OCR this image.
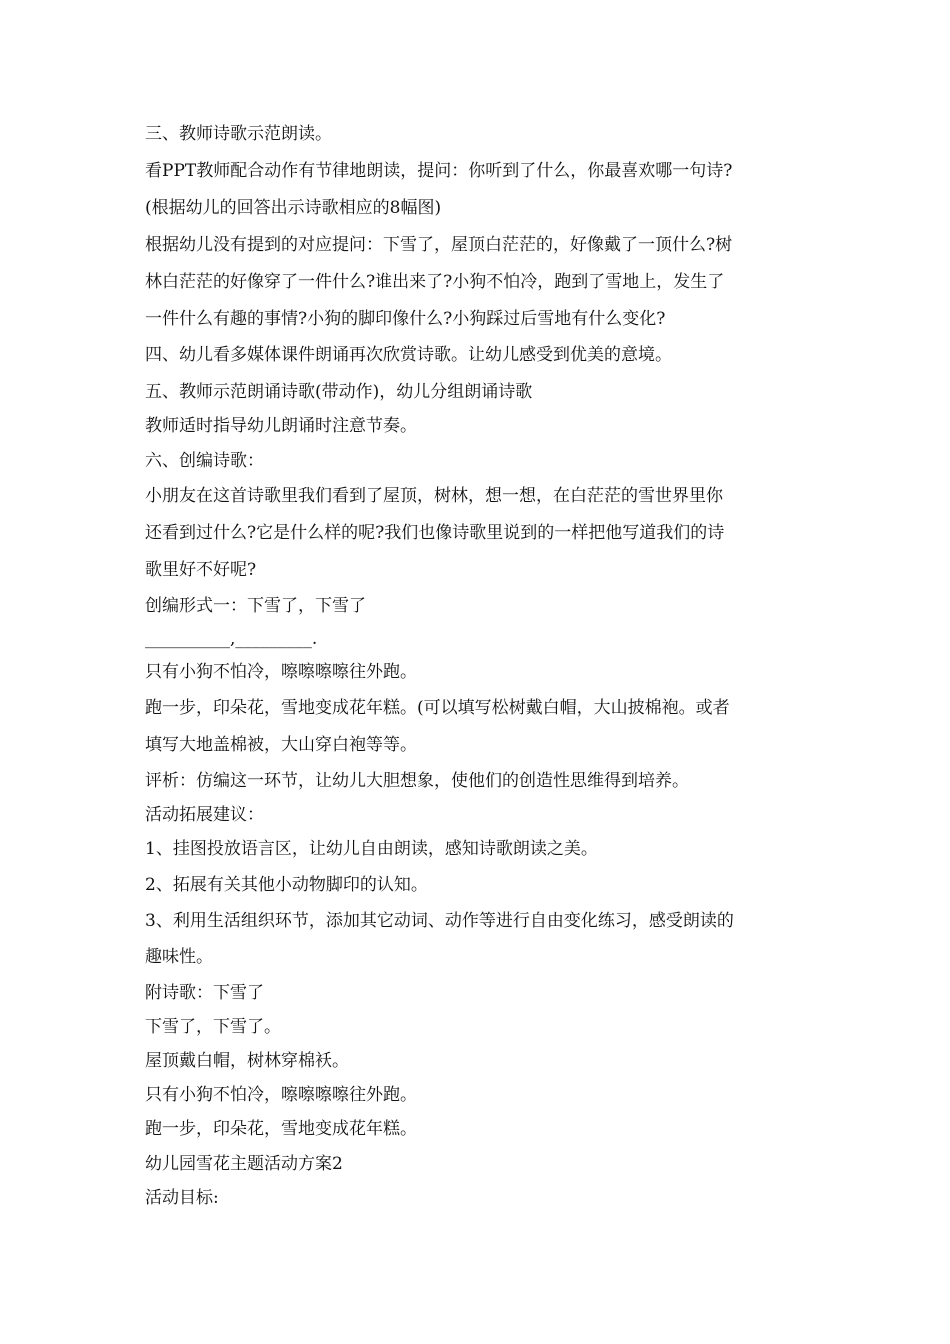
三、教师诗歌示范朗读。
看PPT教师配合动作有节律地朗读，提问：你听到了什么，你最喜欢哪一句诗?
(根据幼儿的回答出示诗歌相应的8幅图)
根据幼儿没有提到的对应提问：下雪了，屋顶白茫茫的，好像戴了一顶什么?树
林白茫茫的好像穿了一件什么?谁出来了?小狗不怕冷，跑到了雪地上，发生了
一件什么有趣的事情?小狗的脚印像什么?小狗踩过后雪地有什么变化?
四、幼儿看多媒体课件朗诵再次欣赏诗歌。让幼儿感受到优美的意境。
五、教师示范朗诵诗歌(带动作)，幼儿分组朗诵诗歌
教师适时指导幼儿朗诵时注意节奏。
六、创编诗歌：
小朋友在这首诗歌里我们看到了屋顶，树林，想一想，在白茫茫的雪世界里你
还看到过什么?它是什么样的呢?我们也像诗歌里说到的一样把他写道我们的诗
歌里好不好呢?
创编形式一：下雪了，下雪了
__________,_________.
只有小狗不怕冷，嚓嚓嚓嚓往外跑。
跑一步，印朵花，雪地变成花年糕。(可以填写松树戴白帽，大山披棉袍。或者
填写大地盖棉被，大山穿白袍等等。
评析：仿编这一环节，让幼儿大胆想象，使他们的创造性思维得到培养。
活动拓展建议：
1、挂图投放语言区，让幼儿自由朗读，感知诗歌朗读之美。
2、拓展有关其他小动物脚印的认知。
3、利用生活组织环节，添加其它动词、动作等进行自由变化练习，感受朗读的
趣味性。
附诗歌：下雪了
下雪了，下雪了。
屋顶戴白帽，树林穿棉袄。
只有小狗不怕冷，嚓嚓嚓嚓往外跑。
跑一步，印朵花，雪地变成花年糕。
幼儿园雪花主题活动方案2
活动目标:
